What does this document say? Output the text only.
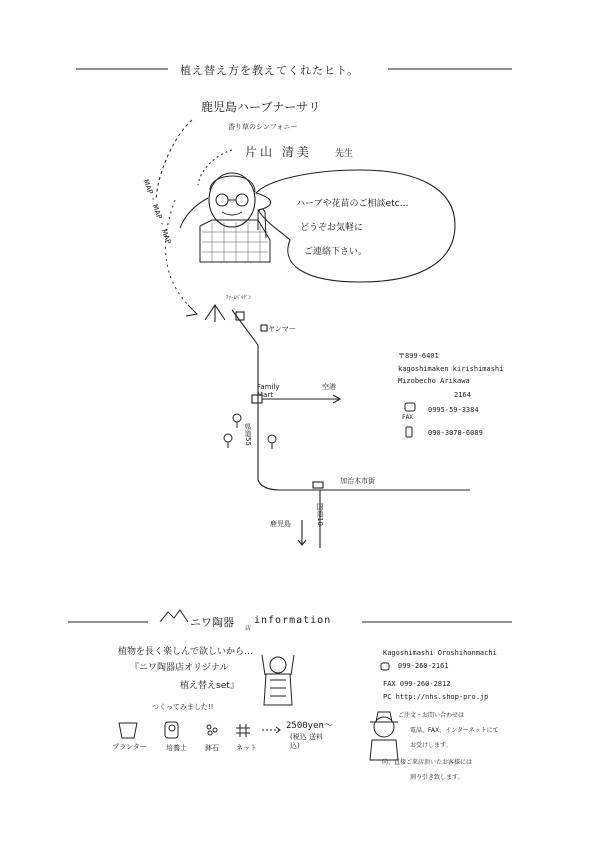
植え替え方を教えてくれたヒト。
鹿児島ハーブナーサリ
香り草のシンフォニー
片山 清美	先生
ハーブや花苗のご相談etc…
どうぞお気軽に
ご連絡下さい。
MAP ・ MAP ・ MAP
ﾌｧｰﾑﾊﾟﾙﾃﾞﾝ
ヤンマー
Family Mart
空港
県道55
加治木市街
鹿児島	国道10
〒899-6401
kagoshimaken kirishimashi
Mizobecho Arikawa
2164
FAX
0995-59-3384
090-3078-6089
ニワ陶器 店
information
植物を長く楽しんで欲しいから…
『ニワ陶器店オリジナル
植え替えset』
つくってみました!!
プランター	培養土	鉢石 ネット
2500yen〜
(税込 送料込)
Kagoshimashi Oroshihonmachi
099-260-2161
FAX 099-260-2812
PC http://nhs.shop-pro.jp
ご注文・お問い合わせは
電話、FAX、インターネットにて
お受けします。
尚、直接ご来店頂いたお客様には
割り引き致します。
